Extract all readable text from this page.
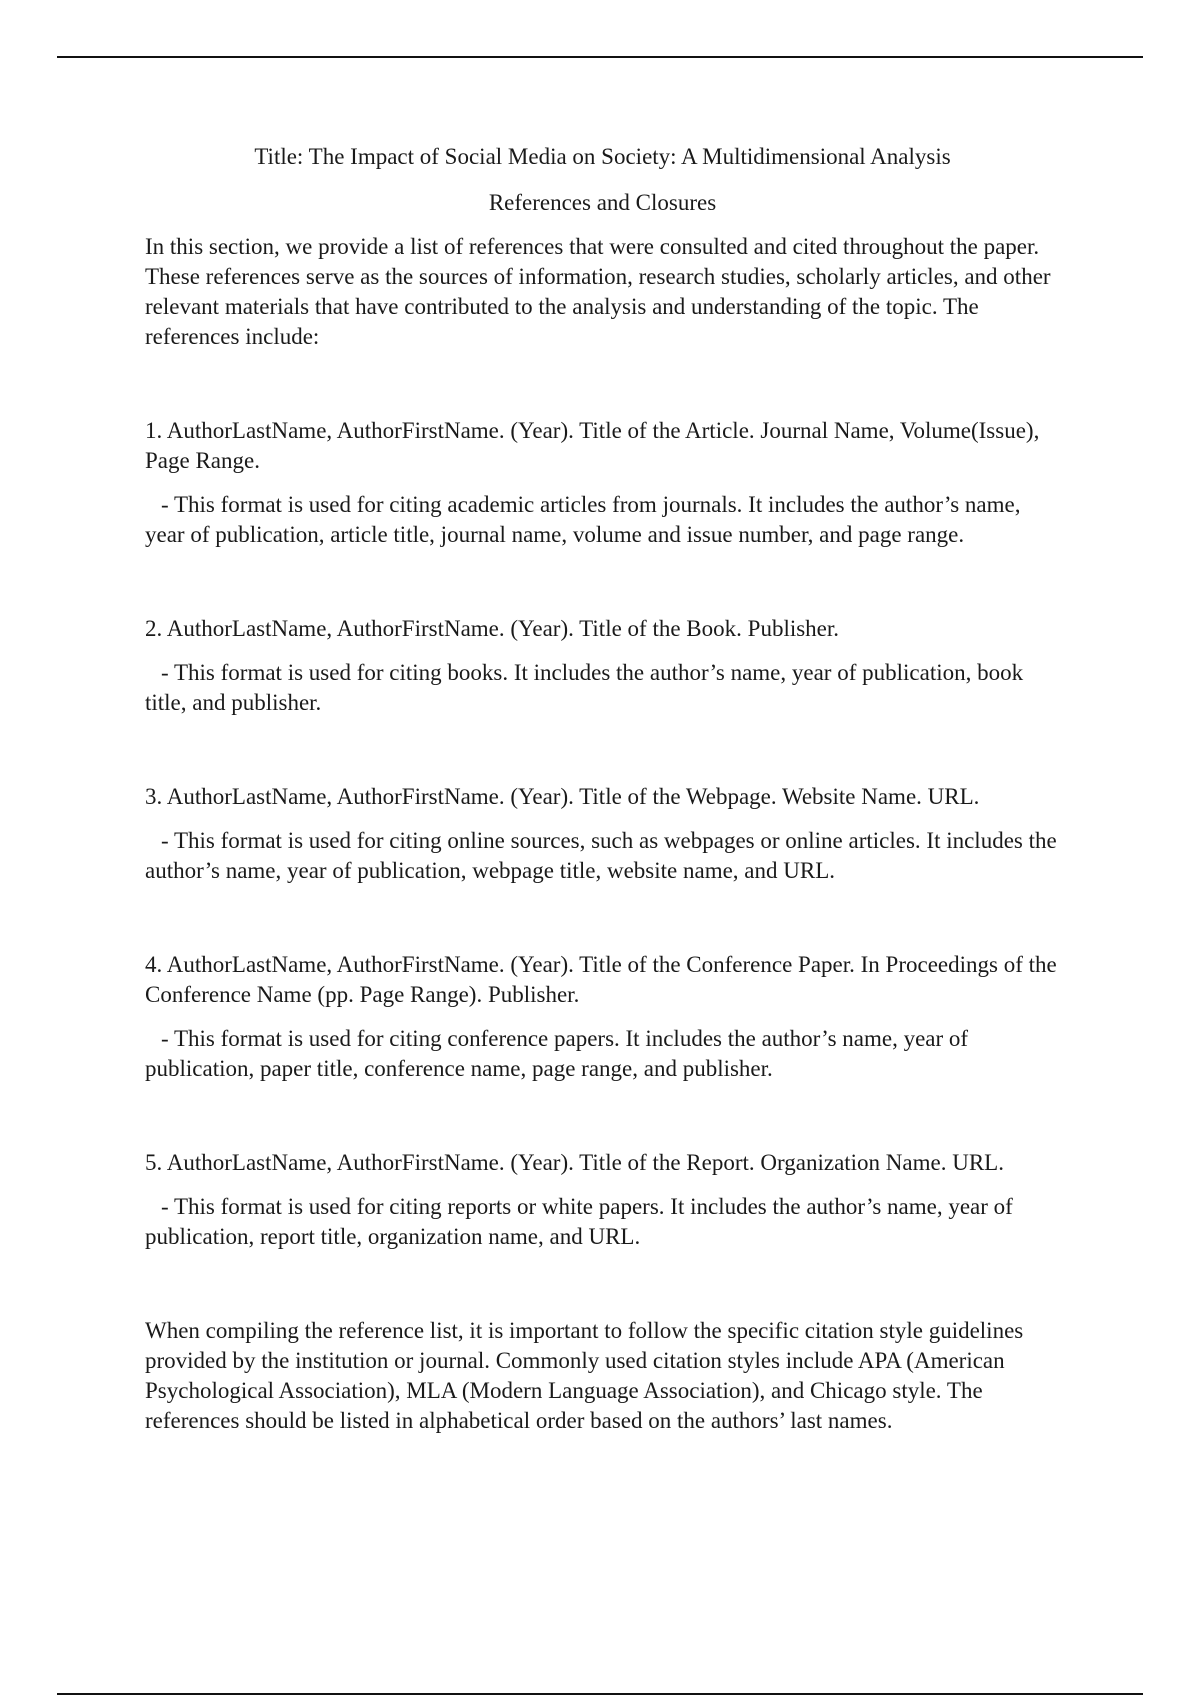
Title: The Impact of Social Media on Society: A Multidimensional Analysis
References and Closures

In this section, we provide a list of references that were consulted and cited throughout the paper. These references serve as the sources of information, research studies, scholarly articles, and other relevant materials that have contributed to the analysis and understanding of the topic. The references include:

1. AuthorLastName, AuthorFirstName. (Year). Title of the Article. Journal Name, Volume(Issue), Page Range.

- This format is used for citing academic articles from journals. It includes the author’s name, year of publication, article title, journal name, volume and issue number, and page range.

2. AuthorLastName, AuthorFirstName. (Year). Title of the Book. Publisher.

- This format is used for citing books. It includes the author’s name, year of publication, book title, and publisher.

3. AuthorLastName, AuthorFirstName. (Year). Title of the Webpage. Website Name. URL.

- This format is used for citing online sources, such as webpages or online articles. It includes the author’s name, year of publication, webpage title, website name, and URL.

4. AuthorLastName, AuthorFirstName. (Year). Title of the Conference Paper. In Proceedings of the Conference Name (pp. Page Range). Publisher.

- This format is used for citing conference papers. It includes the author’s name, year of publication, paper title, conference name, page range, and publisher.

5. AuthorLastName, AuthorFirstName. (Year). Title of the Report. Organization Name. URL.

- This format is used for citing reports or white papers. It includes the author’s name, year of publication, report title, organization name, and URL.

When compiling the reference list, it is important to follow the specific citation style guidelines provided by the institution or journal. Commonly used citation styles include APA (American Psychological Association), MLA (Modern Language Association), and Chicago style. The references should be listed in alphabetical order based on the authors’ last names.
